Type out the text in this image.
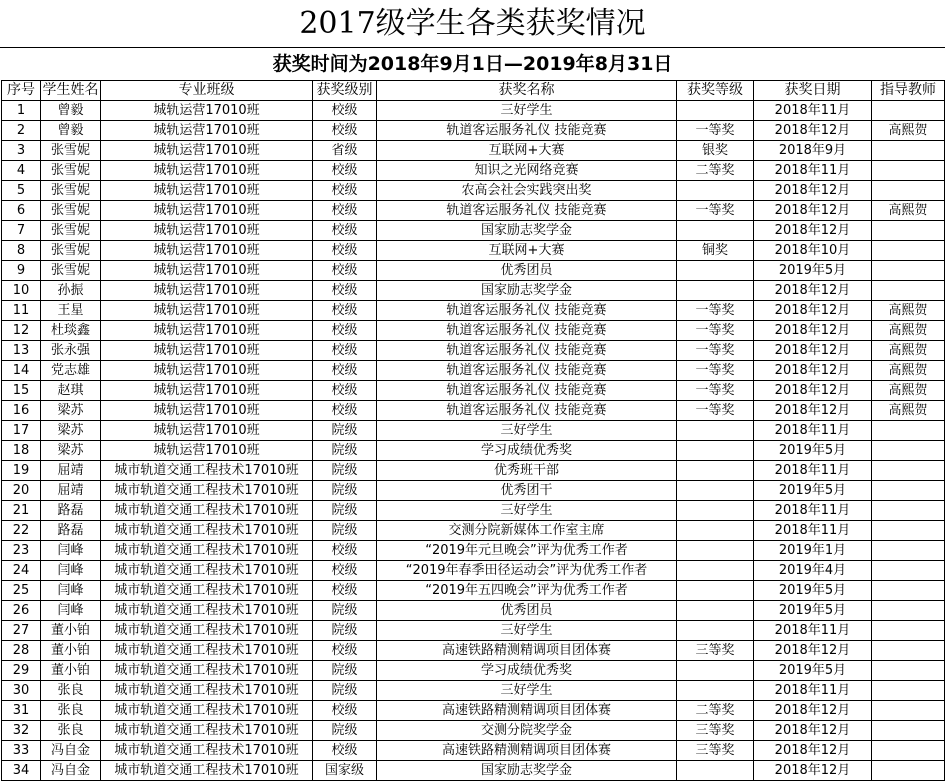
2017级学生各类获奖情况
获奖时间为2018年9月1日—2019年8月31日
序号	学生姓名	专业班级	获奖级别	获奖名称	获奖等级	获奖日期	指导教师
1	曾毅	城轨运营17010班	校级	三好学生		2018年11月	
2	曾毅	城轨运营17010班	校级	轨道客运服务礼仪 技能竞赛	一等奖	2018年12月	高熙贺
3	张雪妮	城轨运营17010班	省级	互联网+大赛	银奖	2018年9月	
4	张雪妮	城轨运营17010班	校级	知识之光网络竞赛	二等奖	2018年11月	
5	张雪妮	城轨运营17010班	校级	农高会社会实践突出奖		2018年12月	
6	张雪妮	城轨运营17010班	校级	轨道客运服务礼仪 技能竞赛	一等奖	2018年12月	高熙贺
7	张雪妮	城轨运营17010班	校级	国家励志奖学金		2018年12月	
8	张雪妮	城轨运营17010班	校级	互联网+大赛	铜奖	2018年10月	
9	张雪妮	城轨运营17010班	校级	优秀团员		2019年5月	
10	孙振	城轨运营17010班	校级	国家励志奖学金		2018年12月	
11	王星	城轨运营17010班	校级	轨道客运服务礼仪 技能竞赛	一等奖	2018年12月	高熙贺
12	杜琰鑫	城轨运营17010班	校级	轨道客运服务礼仪 技能竞赛	一等奖	2018年12月	高熙贺
13	张永强	城轨运营17010班	校级	轨道客运服务礼仪 技能竞赛	一等奖	2018年12月	高熙贺
14	党志雄	城轨运营17010班	校级	轨道客运服务礼仪 技能竞赛	一等奖	2018年12月	高熙贺
15	赵琪	城轨运营17010班	校级	轨道客运服务礼仪 技能竞赛	一等奖	2018年12月	高熙贺
16	梁苏	城轨运营17010班	校级	轨道客运服务礼仪 技能竞赛	一等奖	2018年12月	高熙贺
17	梁苏	城轨运营17010班	院级	三好学生		2018年11月	
18	梁苏	城轨运营17010班	院级	学习成绩优秀奖		2019年5月	
19	屈靖	城市轨道交通工程技术17010班	院级	优秀班干部		2018年11月	
20	屈靖	城市轨道交通工程技术17010班	院级	优秀团干		2019年5月	
21	路磊	城市轨道交通工程技术17010班	院级	三好学生		2018年11月	
22	路磊	城市轨道交通工程技术17010班	院级	交测分院新媒体工作室主席		2018年11月	
23	闫峰	城市轨道交通工程技术17010班	校级	“2019年元旦晚会”评为优秀工作者		2019年1月	
24	闫峰	城市轨道交通工程技术17010班	校级	“2019年春季田径运动会”评为优秀工作者		2019年4月	
25	闫峰	城市轨道交通工程技术17010班	校级	“2019年五四晚会”评为优秀工作者		2019年5月	
26	闫峰	城市轨道交通工程技术17010班	院级	优秀团员		2019年5月	
27	董小铂	城市轨道交通工程技术17010班	院级	三好学生		2018年11月	
28	董小铂	城市轨道交通工程技术17010班	校级	高速铁路精测精调项目团体赛	三等奖	2018年12月	
29	董小铂	城市轨道交通工程技术17010班	院级	学习成绩优秀奖		2019年5月	
30	张良	城市轨道交通工程技术17010班	院级	三好学生		2018年11月	
31	张良	城市轨道交通工程技术17010班	校级	高速铁路精测精调项目团体赛	二等奖	2018年12月	
32	张良	城市轨道交通工程技术17010班	院级	交测分院奖学金	三等奖	2018年12月	
33	冯自金	城市轨道交通工程技术17010班	校级	高速铁路精测精调项目团体赛	三等奖	2018年12月	
34	冯自金	城市轨道交通工程技术17010班	国家级	国家励志奖学金		2018年12月	
